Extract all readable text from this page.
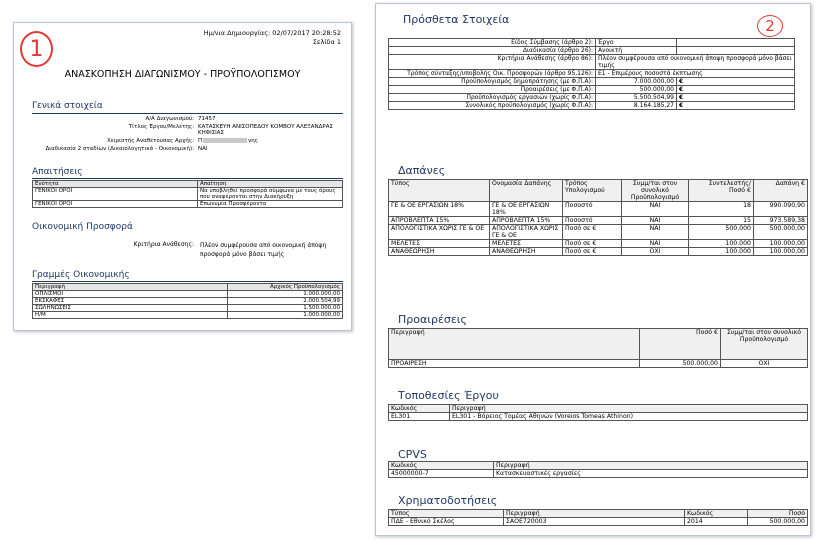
1
Ημ/νια Δημιουργίας: 02/07/2017 20:28:52
Σελίδα 1
ΑΝΑΣΚΟΠΗΣΗ ΔΙΑΓΩΝΙΣΜΟΥ - ΠΡΟΫΠΟΛΟΓΙΣΜΟΥ
Γενικά στοιχεία
Α/Α Διαγωνισμού: 71457
Τίτλος Έργου/Μελέτης: ΚΑΤΑΣΚΕΥΗ ΑΝΙΣΟΠΕΔΟΥ ΚΟΜΒΟΥ ΑΛΕΞΑΝΔΡΑΣ ΚΗΦΙΣΙΑΣ
Χειριστής Αναθέτουσας Αρχής: Π	νης
Διαδικασία 2 σταδίων (Δικαιολογητικά - Οικονομική): ΝΑΙ
Απαιτήσεις
Ενότητα	Απαίτηση
ΓΕΝΙΚΟΙ ΟΡΟΙ	Να υποβληθεί προσφορά σύμφωνα με τους όρους που αναφέρονται στην Διακήρυξη
ΓΕΝΙΚΟΙ ΟΡΟΙ	Επωνυμία Προσφέροντα
Οικονομική Προσφορά
Κριτήρια Ανάθεσης: Πλέον συμφέρουσα από οικονομική άποψη προσφορά μόνο βάσει τιμής
Γραμμές Οικονομικής
Περιγραφή	Αρχικός Προϋπολογισμός
ΟΠΛΙΣΜΟΙ	1.000.000,00
ΕΚΣΚΑΦΕΣ	2.000.504,99
ΣΩΛΗΝΩΣΕΙΣ	1.500.000,00
Η/Μ	1.000.000,00
2
Πρόσθετα Στοιχεία
Είδος Σύμβασης (άρθρο 2):	Έργο	
Διαδικασία (άρθρο 26):	Ανοικτή	
Κριτήρια Ανάθεσης (άρθρο 86):	Πλέον συμφέρουσα από οικονομική άποψη προσφορά μόνο βάσει τιμής	
Τρόπος σύνταξης/υποβολής Οικ. Προσφορών (άρθρο 95,126):	Ε1 - Επιμέρους ποσοστά έκπτωσης	
Προϋπολογισμός δημοπράτησης (με Φ.Π.Α):	7.000.000,00	€
Προαιρέσεις (με Φ.Π.Α):	500.000,00	€
Προϋπολογισμός εργασιών (χωρίς Φ.Π.Α):	5.500.504,99	€
Συνολικός προϋπολογισμός (χωρίς Φ.Π.Α):	8.164.185,27	€
Δαπάνες
Τύπος	Ονομασία Δαπάνης	Τρόπος Υπολογισμού	Συμμ/ται στον συνολικό Προϋπολογισμό	Συντελεστής/ Ποσό €	Δαπάνη €
ΓΕ & ΟΕ ΕΡΓΑΣΙΩΝ 18%	ΓΕ & ΟΕ ΕΡΓΑΣΙΩΝ 18%	Ποσοστό	ΝΑΙ	18	990.090,90
ΑΠΡΟΒΛΕΠΤΑ 15%	ΑΠΡΟΒΛΕΠΤΑ 15%	Ποσοστό	ΝΑΙ	15	973.589,38
ΑΠΟΛΟΓΙΣΤΙΚΑ ΧΩΡΙΣ ΓΕ & ΟΕ	ΑΠΟΛΟΓΙΣΤΙΚΑ ΧΩΡΙΣ ΓΕ & ΟΕ	Ποσό σε €	ΝΑΙ	500.000	500.000,00
ΜΕΛΕΤΕΣ	ΜΕΛΕΤΕΣ	Ποσό σε €	ΝΑΙ	100.000	100.000,00
ΑΝΑΘΕΩΡΗΣΗ	ΑΝΑΘΕΩΡΗΣΗ	Ποσό σε €	ΟΧΙ	100.000	100.000,00
Προαιρέσεις
Περιγραφή	Ποσό €	Συμμ/ται στον συνολικό Προϋπολογισμό
ΠΡΟΑΙΡΕΣΗ	500.000,00	ΟΧΙ
Τοποθεσίες Έργου
Κωδικός	Περιγραφή
EL301	EL301 - Βόρειος Τομέας Αθηνών (Voreios Tomeas Athinon)
CPVS
Κωδικός	Περιγραφή
45000000-7	Κατασκευαστικές εργασίες
Χρηματοδοτήσεις
Τύπος	Περιγραφή	Κωδικός	Ποσό
ΠΔΕ - Εθνικό Σκέλος	ΣΑΟΕ720003	2014	500.000,00
